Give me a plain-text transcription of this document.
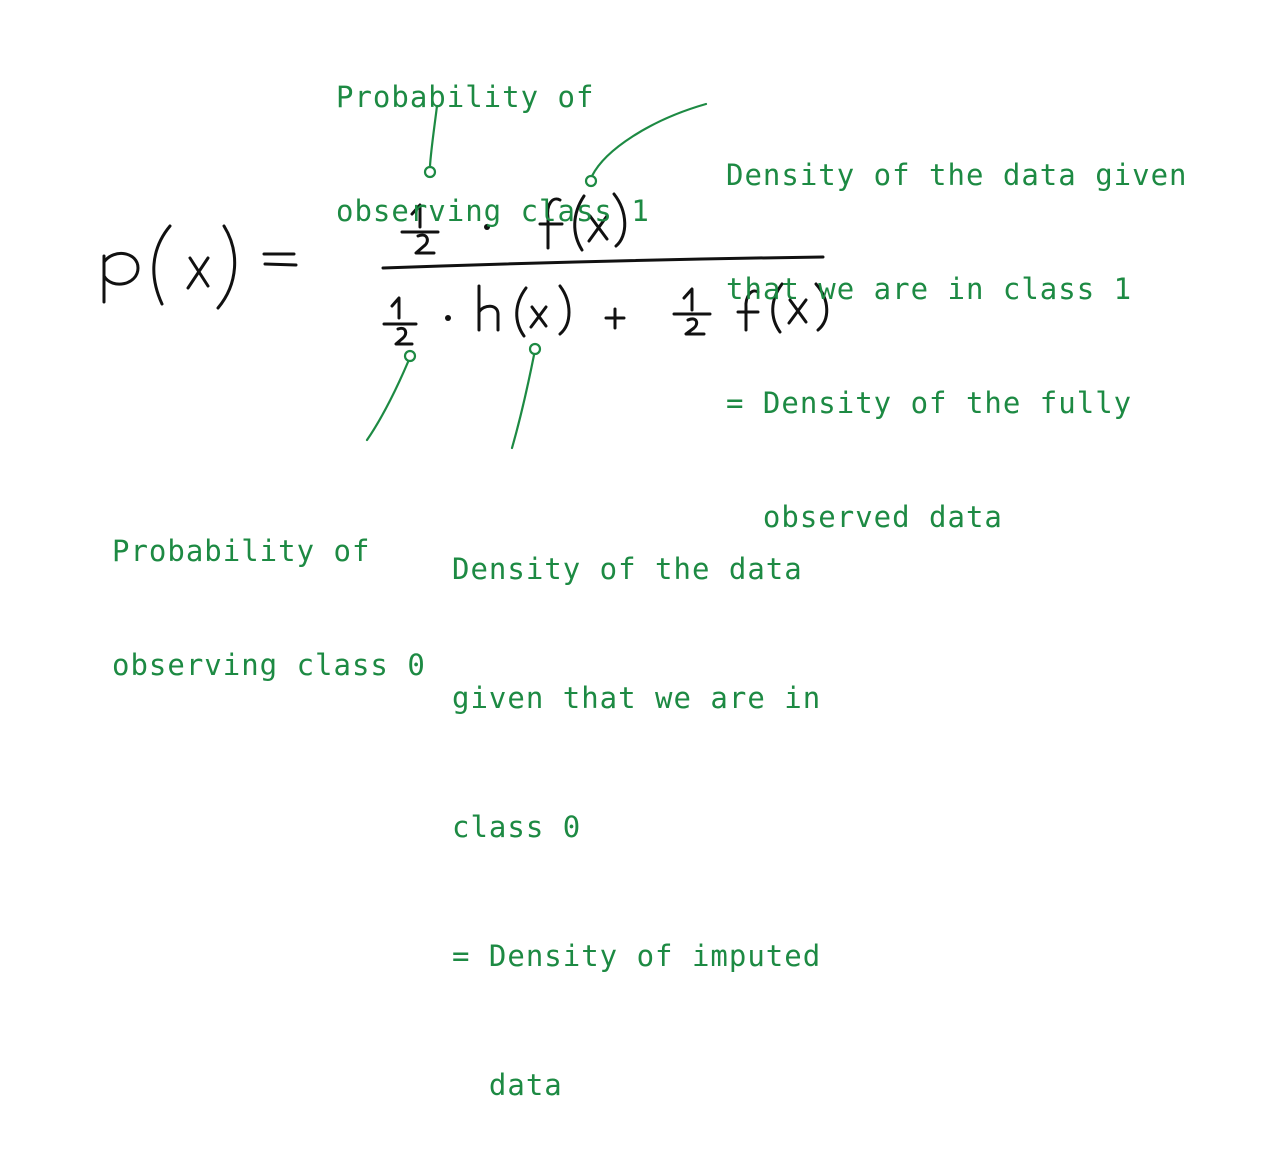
Probability of

observing class 1

Density of the data given

that we are in class 1

= Density of the fully

observed data

Probability of

observing class 0

Density of the data

given that we are in

class 0

= Density of imputed

data
